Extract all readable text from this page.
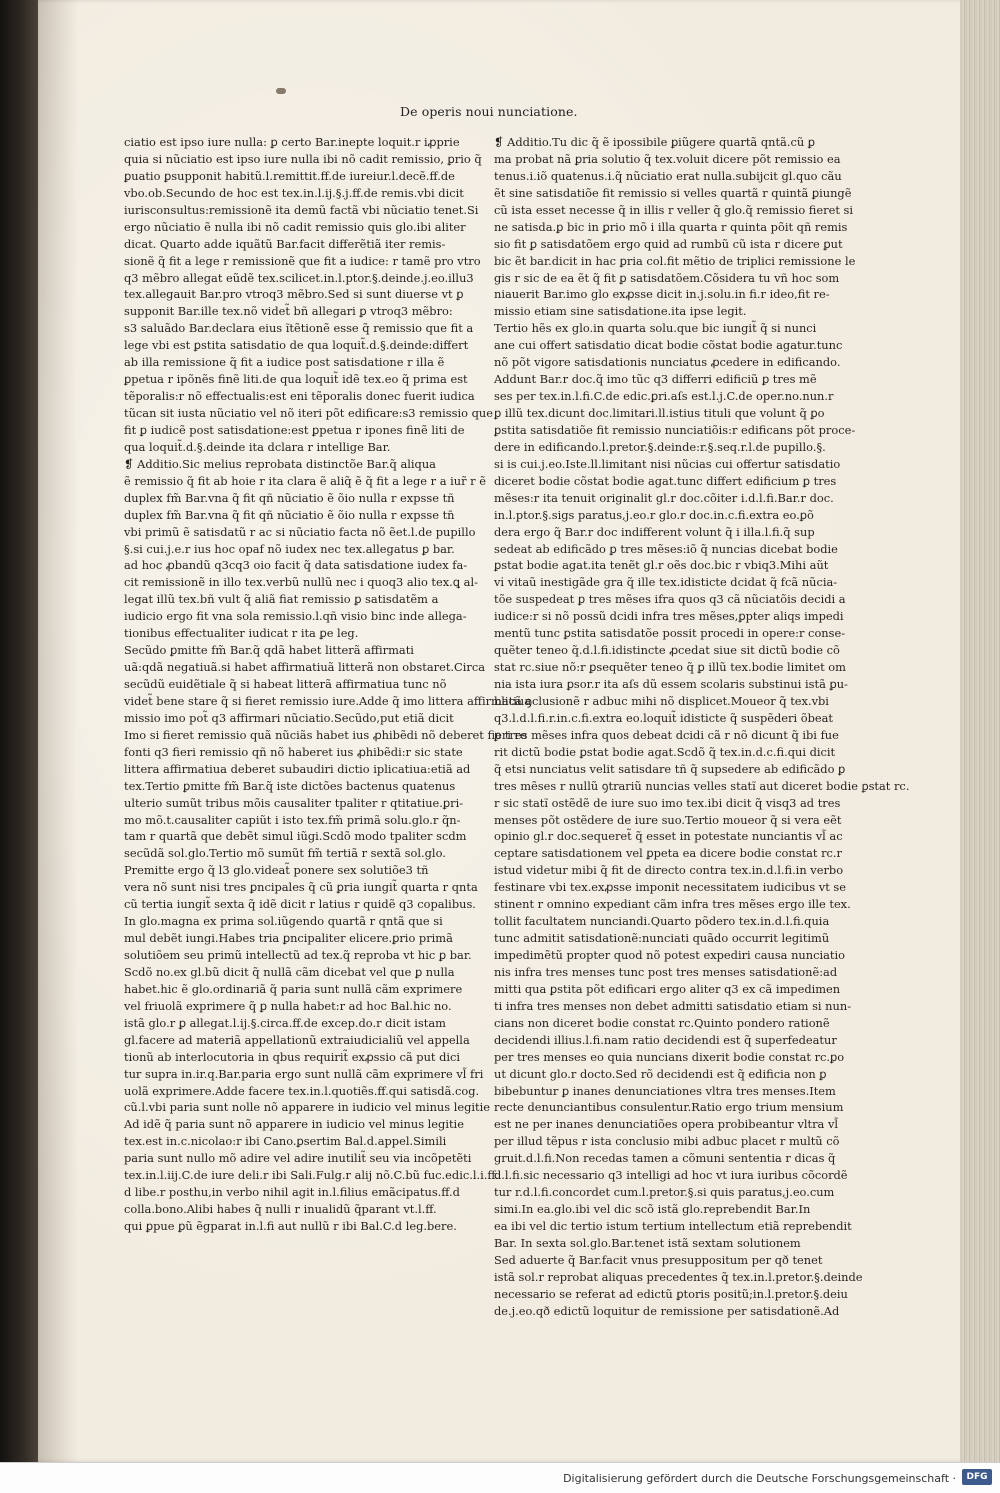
De operis noui nunciatione.
ciatio est ipso iure nulla: ꝑ certo Bar.inepte loquit.r iꝓprie
quia si nũciatio est ipso iure nulla ibi nõ cadit remissio, ꝑrio q̃
ꝑuatio ꝑsupponit habitũ.l.remittit.ff.de iureiur.l.decẽ.ff.de
vbo.ob.Secundo de hoc est tex.in.l.ij.§.j.ff.de remis.vbi dicit
iurisconsultus:remissionẽ ita demũ factã vbi nũciatio tenet.Si
ergo nũciatio ẽ nulla ibi nõ cadit remissio quis glo.ibi aliter
dicat. Quarto adde iquãtũ Bar.facit differẽtiã iter remis-
sionẽ q̃ fit a lege r remissionẽ que fit a iudice: r tamẽ pro vtro
q3 mẽbro allegat eũdẽ tex.scilicet.in.l.ptor.§.deinde.j.eo.illu3
tex.allegauit Bar.pro vtroq3 mẽbro.Sed si sunt diuerse vt ꝑ
supponit Bar.ille tex.nõ videt̃ bñ allegari ꝑ vtroq3 mẽbro:
s3 saluãdo Bar.declara eius ĩtẽtionẽ esse q̃ remissio que fit a
lege vbi est ꝑstita satisdatio de qua loquit̃.d.§.deinde:differt
ab illa remissione q̃ fit a iudice post satisdatione r illa ẽ
ꝑpetua r ipõnẽs finẽ liti.de qua loquit̃ idẽ tex.eo q̃ prima est
tẽporalis:r nõ effectualis:est eni tẽporalis donec fuerit iudica
tũcan sit iusta nũciatio vel nõ iteri põt edificare:s3 remissio que
fit ꝑ iudicẽ post satisdatione:est ꝑpetua r ipones finẽ liti de
qua loquit̃.d.§.deinde ita dclara r intellige Bar.
❡ Additio.Sic melius reprobata distinctõe Bar.q̃ aliqua
ẽ remissio q̃ fit ab hoie r ita clara ẽ aliq̃ ẽ q̃ fit a lege r a iur̃ r ẽ
duplex fm̃ Bar.vna q̃ fit qñ nũciatio ẽ õio nulla r expsse tñ
duplex fm̃ Bar.vna q̃ fit qñ nũciatio ẽ õio nulla r expsse tn̄
vbi primũ ẽ satisdatũ r ac si nũciatio facta nõ ẽet.l.de pupillo
§.si cui.j.e.r ius hoc opaf nõ iudex nec tex.allegatus ꝑ bar.
ad hoc ꝓbandũ q3cq3 oio facit q̃ data satisdatione iudex fa-
cit remissionẽ in illo tex.verbũ nullũ nec i quoq3 alio tex.ꝗ al-
legat illũ tex.bñ vult q̃ aliã fiat remissio ꝑ satisdatẽm a
iudicio ergo fit vna sola remissio.l.qñ visio binc inde allega-
tionibus effectualiter iudicat r ita ꝑe leg.
Secũdo ꝑmitte fm̃ Bar.q̃ qdã habet litterã affirmati
uã:qdã negatiuã.si habet affirmatiuã litterã non obstaret.Circa
secũdũ euidẽtiale q̃ si habeat litterã affirmatiua tunc nõ
videt̃ bene stare q̃ si fieret remissio iure.Adde q̃ imo littera affirmatiua
missio imo pot̃ q3 affirmari nũciatio.Secũdo,put etiã dicit
Imo si fieret remissio quã nũciãs habet ius ꝓhibẽdi nõ deberet fieri re
fonti q3 fieri remissio qñ nõ haberet ius ꝓhibẽdi:r sic state
littera affirmatiua deberet subaudiri dictio iplicatiua:etiã ad
tex.Tertio ꝑmitte fm̃ Bar.q̃ iste dictões bactenus quatenus
ulterio sumũt tribus mõis causaliter tpaliter r qtitatiue.ꝑri-
mo mõ.t.causaliter capiũt i isto tex.fm̃ primã solu.glo.r q̃n-
tam r quartã que debẽt simul iũgi.Scdõ modo tpaliter scdm
secũdã sol.glo.Tertio mõ sumũt fm̃ tertiã r sextã sol.glo.
Premitte ergo q̃ l3 glo.videat̃ ponere sex solutiõe3 tñ
vera nõ sunt nisi tres ꝑncipales q̃ cũ ꝑria iungit̃ quarta r qnta
cũ tertia iungit̃ sexta q̃ idẽ dicit r latius r quidẽ q3 copalibus.
In glo.magna ex prima sol.iũgendo quartã r qntã que si
mul debẽt iungi.Habes tria ꝑncipaliter elicere.ꝑrio primã
solutiõem seu primũ intellectũ ad tex.q̃ reproba vt hic ꝑ bar.
Scdõ no.ex gl.bũ dicit q̃ nullã cãm dicebat vel que ꝑ nulla
habet.hic ẽ glo.ordinariã q̃ paria sunt nullã cãm exprimere
vel friuolã exprimere q̃ ꝑ nulla habet:r ad hoc Bal.hic no.
istã glo.r ꝑ allegat.l.ij.§.circa.ff.de excep.do.r dicit istam
gl.facere ad materiã appellationũ extraiudicialiũ vel appella
tionũ ab interlocutoria in qbus requirit̃ exꝓssio cã put dici
tur supra in.ir.q.Bar.paria ergo sunt nullã cãm exprimere vl̃ fri
uolã exprimere.Adde facere tex.in.l.quotiẽs.ff.qui satisdã.cog.
cũ.l.vbi paria sunt nolle nõ apparere in iudicio vel minus legitie
Ad idẽ q̃ paria sunt nõ apparere in iudicio vel minus legitie
tex.est in.c.nicolao:r ibi Cano.ꝑsertim Bal.d.appel.Simili
paria sunt nullo mõ adire vel adire inutilit̃ seu via incõpetẽti
tex.in.l.iij.C.de iure deli.r ibi Sali.Fulg.r alij nõ.C.bũ fuc.edic.l.i.ff.
d libe.r posthu,in verbo nihil agit in.l.filius emãcipatus.ff.d
colla.bono.Alibi habes q̃ nulli r inualidũ q̃parant vt.l.ff.
qui ꝑpue ꝑũ ẽgparat in.l.fi aut nullũ r ibi Bal.C.d leg.bere.
❡ Additio.Tu dic q̃ ẽ ipossibile ꝑiũgere quartã qntã.cũ ꝑ
ma probat nã ꝑria solutio q̃ tex.voluit dicere põt remissio ea
tenus.i.iõ quatenus.i.q̃ nũciatio erat nulla.subijcit gl.quo cãu
ẽt sine satisdatiõe fit remissio si velles quartã r quintã ꝑiungẽ
cũ ista esset necesse q̃ in illis r veller q̃ glo.q̃ remissio fieret si
ne satisda.ꝑ bic in ꝑrio mõ i illa quarta r quinta põit qñ remis
sio fit ꝑ satisdatõem ergo quid ad rumbũ cũ ista r dicere ꝑut
bic ẽt bar.dicit in hac ꝑria col.fit mẽtio de triplici remissione le
gis r sic de ea ẽt q̃ fit ꝑ satisdatõem.Cõsidera tu vñ hoc som
niauerit Bar.imo glo exꝓsse dicit in.j.solu.in fi.r ideo,fit re-
missio etiam sine satisdatione.ita ipse legit.
Tertio hẽs ex glo.in quarta solu.que bic iungit̃ q̃ si nunci
ane cui offert satisdatio dicat bodie cõstat bodie agatur.tunc
nõ põt vigore satisdationis nunciatus ꝓcedere in edificando.
Addunt Bar.r doc.q̃ imo tũc q3 differri edificiũ ꝑ tres mẽ
ses per tex.in.l.fi.C.de edic.ꝑri.aſs est.l.j.C.de oper.no.nun.r
ꝑ illũ tex.dicunt doc.limitari.ll.istius tituli que volunt q̃ ꝑo
ꝑstita satisdatiõe fit remissio nunciatiõis:r edificans põt proce-
dere in edificando.l.pretor.§.deinde:r.§.seq.r.l.de pupillo.§.
si is cui.j.eo.Iste.ll.limitant nisi nũcias cui offertur satisdatio
diceret bodie cõstat bodie agat.tunc differt edificium ꝑ tres
mẽses:r ita tenuit originalit gl.r doc.cõiter i.d.l.fi.Bar.r doc.
in.l.ptor.§.sigs paratus,j.eo.r glo.r doc.in.c.fi.extra eo.ꝑõ
dera ergo q̃ Bar.r doc indifferent volunt q̃ i illa.l.fi.q̃ sup
sedeat ab edificãdo ꝑ tres mẽses:iõ q̃ nuncias dicebat bodie
ꝑstat bodie agat.ita tenẽt gl.r oẽs doc.bic r vbiq3.Mihi aũt
vi̇ vitaũ inestigãde gra q̃ ille tex.idisticte dcidat q̃ fcã nũcia-
tõe suspedeat ꝑ tres mẽses ifra quos q3 cã nũciatõis decidi a
iudice:r si nõ possũ dcidi infra tres mẽses,ꝑpter aliqs impedi
mentũ tunc ꝑstita satisdatõe possit procedi in opere:r conse-
quẽter teneo q̃.d.l.fi.idistincte ꝓcedat siue sit dictũ bodie cõ
stat rc.siue nõ:r ꝑsequẽter teneo q̃ ꝑ illũ tex.bodie limitet om
nia ista iura ꝑsor.r ita aſs dũ essem scolaris substinui istã ꝑu-
blicã ꝯclusionẽ r adbuc mihi nõ displicet.Moueor q̃ tex.vbi
q3.l.d.l.fi.r.in.c.fi.extra eo.loquit̃ idisticte q̃ suspẽderi õbeat
ꝑ tres mẽses infra quos debeat dcidi cã r nõ dicunt q̃ ibi fue
rit dictũ bodie ꝑstat bodie agat.Scdõ q̃ tex.in.d.c.fi.qui dicit
q̃ etsi nunciatus velit satisdare tñ q̃ supsedere ab edificãdo ꝑ
tres mẽses r nullũ ꝯtrariũ nuncias velles statĩ aut diceret bodie ꝑstat rc.
r sic statĩ ostẽdẽ de iure suo imo tex.ibi dicit q̃ visq3 ad tres
menses põt ostẽdere de iure suo.Tertio moueor q̃ si vera eẽt
opinio gl.r doc.sequeret̃ q̃ esset in potestate nunciantis vl̃ ac
ceptare satisdationem vel ꝑpeta ea dicere bodie constat rc.r
istud videtur mibi q̃ fit de directo contra tex.in.d.l.fi.in verbo
festinare vbi tex.exꝓsse imponit necessitatem iudicibus vt se
stinent r omnino expediant cãm infra tres mẽses ergo ille tex.
tollit facultatem nunciandi.Quarto põdero tex.in.d.l.fi.quia
tunc admitit satisdationẽ:nunciati quãdo occurrit legitimũ
impedimẽtũ propter quod nõ potest expediri causa nunciatio
nis infra tres menses tunc post tres menses satisdationẽ:ad
mitti qua ꝑstita põt edificari ergo aliter q3 ex cã impedimen
ti infra tres menses non debet admitti satisdatio etiam si nun-
cians non diceret bodie constat rc.Quinto pondero rationẽ
decidendi illius.l.fi.nam ratio decidendi est q̃ superfedeatur
per tres menses eo quia nuncians dixerit bodie constat rc.ꝑo
ut dicunt glo.r docto.Sed rõ decidendi est q̃ edificia non ꝑ
bibebuntur ꝑ inanes denunciationes vltra tres menses.Item
recte denunciantibus consulentur.Ratio ergo trium mensium
est ne per inanes denunciatiões opera probibeantur vltra vl̃
per illud tẽpus r ista conclusio mibi adbuc placet r multũ cõ
gruit.d.l.fi.Non recedas tamen a cõmuni sententia r dicas q̃
d.l.fi.sic necessario q3 intelligi ad hoc vt iura iuribus cõcordẽ
tur r.d.l.fi.concordet cum.l.pretor.§.si quis paratus,j.eo.cum
simi.In ea.glo.ibi vel dic scõ istã glo.reprebendit Bar.In
ea ibi vel dic tertio istum tertium intellectum etiã reprebendit
Bar. In sexta sol.glo.Bar.tenet istã sextam solutionem
Sed aduerte q̃ Bar.facit vnus presuppositum per qð tenet
istã sol.r reprobat aliquas precedentes q̃ tex.in.l.pretor.§.deinde
necessario se referat ad edictũ ꝑtoris positũ;in.l.pretor.§.deiu
de.j.eo.qð edictũ loquitur de remissione per satisdationẽ.Ad
Digitalisierung gefördert durch die Deutsche Forschungsgemeinschaft ·	DFG
